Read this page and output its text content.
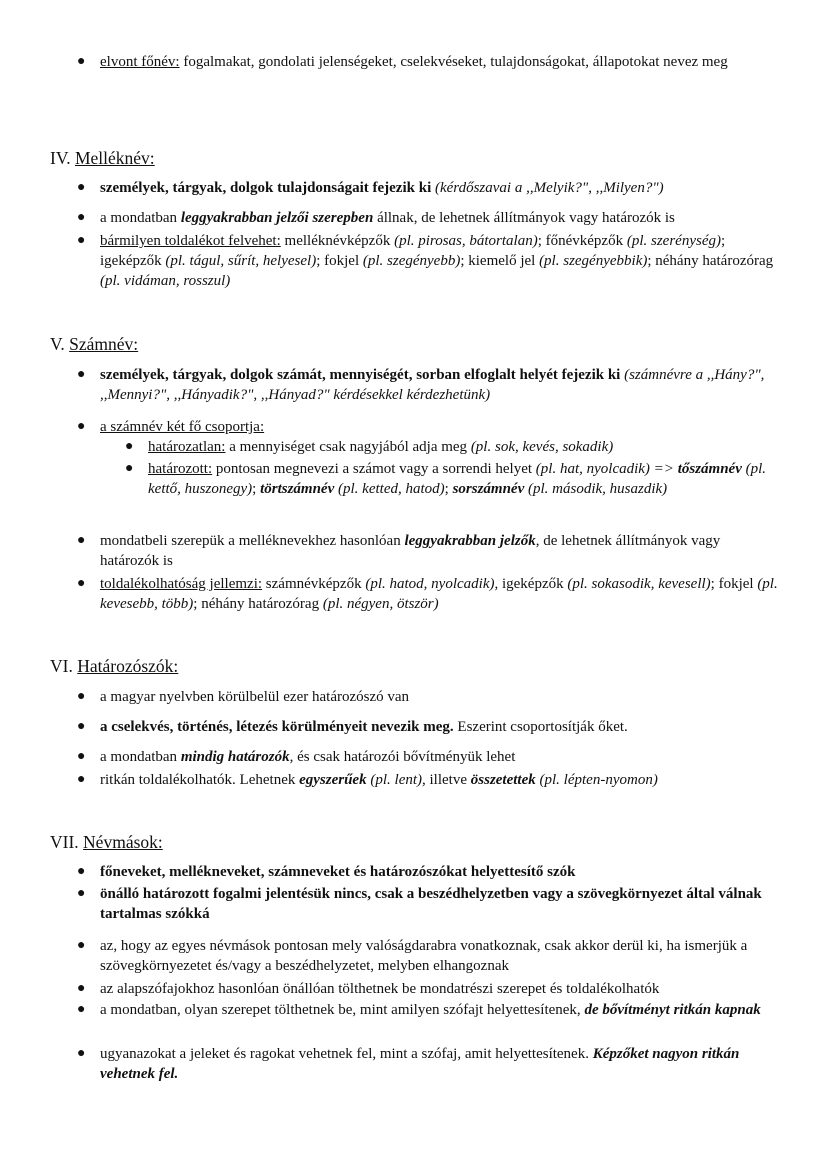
● elvont főnév: fogalmakat, gondolati jelenségeket, cselekvéseket, tulajdonságokat, állapotokat nevez meg
IV. Melléknév:
● személyek, tárgyak, dolgok tulajdonságait fejezik ki (kérdőszavai a ,,Melyik?", ,,Milyen?")
● a mondatban leggyakrabban jelzői szerepben állnak, de lehetnek állítmányok vagy határozók is
● bármilyen toldalékot felvehet: melléknévképzők (pl. pirosas, bátortalan); főnévképzők (pl. szerénység); igeképzők (pl. tágul, sűrít, helyesel); fokjel (pl. szegényebb); kiemelő jel (pl. szegényebbik); néhány határozórag (pl. vidáman, rosszul)
V. Számnév:
● személyek, tárgyak, dolgok számát, mennyiségét, sorban elfoglalt helyét fejezik ki (számnévre a ,,Hány?", ,,Mennyi?", ,,Hányadik?", ,,Hányad?" kérdésekkel kérdezhetünk)
● a számnév két fő csoportja:
● határozatlan: a mennyiséget csak nagyjából adja meg (pl. sok, kevés, sokadik)
● határozott: pontosan megnevezi a számot vagy a sorrendi helyet (pl. hat, nyolcadik) => tőszámnév (pl. kettő, huszonegy); törtszámnév (pl. ketted, hatod); sorszámnév (pl. második, husazdik)
● mondatbeli szerepük a melléknevekhez hasonlóan leggyakrabban jelzők, de lehetnek állítmányok vagy határozók is
● toldalékolhatóság jellemzi: számnévképzők (pl. hatod, nyolcadik), igeképzők (pl. sokasodik, kevesell); fokjel (pl. kevesebb, több); néhány határozórag (pl. négyen, ötször)
VI. Határozószók:
● a magyar nyelvben körülbelül ezer határozószó van
● a cselekvés, történés, létezés körülményeit nevezik meg. Eszerint csoportosítják őket.
● a mondatban mindig határozók, és csak határozói bővítményük lehet
● ritkán toldalékolhatók. Lehetnek egyszerűek (pl. lent), illetve összetettek (pl. lépten-nyomon)
VII. Névmások:
● főneveket, mellékneveket, számneveket és határozószókat helyettesítő szók
● önálló határozott fogalmi jelentésük nincs, csak a beszédhelyzetben vagy a szövegkörnyezet által válnak tartalmas szókká
● az, hogy az egyes névmások pontosan mely valóságdarabra vonatkoznak, csak akkor derül ki, ha ismerjük a szövegkörnyezetet és/vagy a beszédhelyzetet, melyben elhangoznak
● az alapszófajokhoz hasonlóan önállóan tölthetnek be mondatrészi szerepet és toldalékolhatók
● a mondatban, olyan szerepet tölthetnek be, mint amilyen szófajt helyettesítenek, de bővítményt ritkán kapnak
● ugyanazokat a jeleket és ragokat vehetnek fel, mint a szófaj, amit helyettesítenek. Képzőket nagyon ritkán vehetnek fel.
